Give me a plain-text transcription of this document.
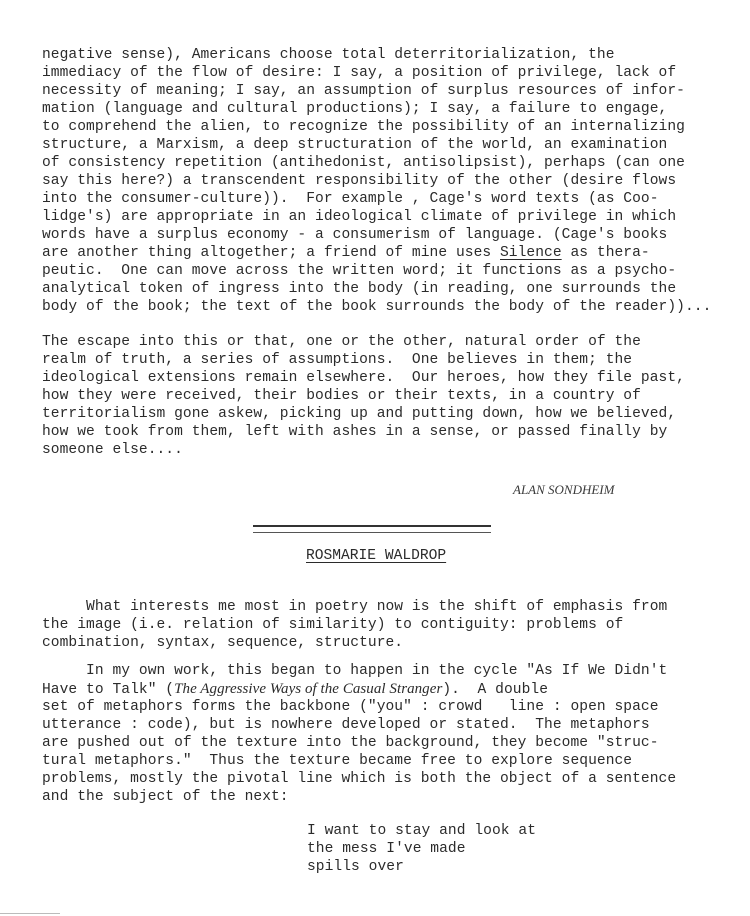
negative sense), Americans choose total deterritorialization, the
immediacy of the flow of desire: I say, a position of privilege, lack of
necessity of meaning; I say, an assumption of surplus resources of infor-
mation (language and cultural productions); I say, a failure to engage,
to comprehend the alien, to recognize the possibility of an internalizing
structure, a Marxism, a deep structuration of the world, an examination
of consistency repetition (antihedonist, antisolipsist), perhaps (can one
say this here?) a transcendent responsibility of the other (desire flows
into the consumer-culture)).  For example , Cage's word texts (as Coo-
lidge's) are appropriate in an ideological climate of privilege in which
words have a surplus economy - a consumerism of language. (Cage's books
are another thing altogether; a friend of mine uses Silence as thera-
peutic.  One can move across the written word; it functions as a psycho-
analytical token of ingress into the body (in reading, one surrounds the
body of the book; the text of the book surrounds the body of the reader))...
The escape into this or that, one or the other, natural order of the
realm of truth, a series of assumptions.  One believes in them; the
ideological extensions remain elsewhere.  Our heroes, how they file past,
how they were received, their bodies or their texts, in a country of
territorialism gone askew, picking up and putting down, how we believed,
how we took from them, left with ashes in a sense, or passed finally by
someone else....
ALAN SONDHEIM
ROSMARIE WALDROP
What interests me most in poetry now is the shift of emphasis from
the image (i.e. relation of similarity) to contiguity: problems of
combination, syntax, sequence, structure.
In my own work, this began to happen in the cycle "As If We Didn't
Have to Talk" (The Aggressive Ways of the Casual Stranger).  A double
set of metaphors forms the backbone ("you" : crowd   line : open space
utterance : code), but is nowhere developed or stated.  The metaphors
are pushed out of the texture into the background, they become "struc-
tural metaphors."  Thus the texture became free to explore sequence
problems, mostly the pivotal line which is both the object of a sentence
and the subject of the next:
I want to stay and look at
the mess I've made
spills over
